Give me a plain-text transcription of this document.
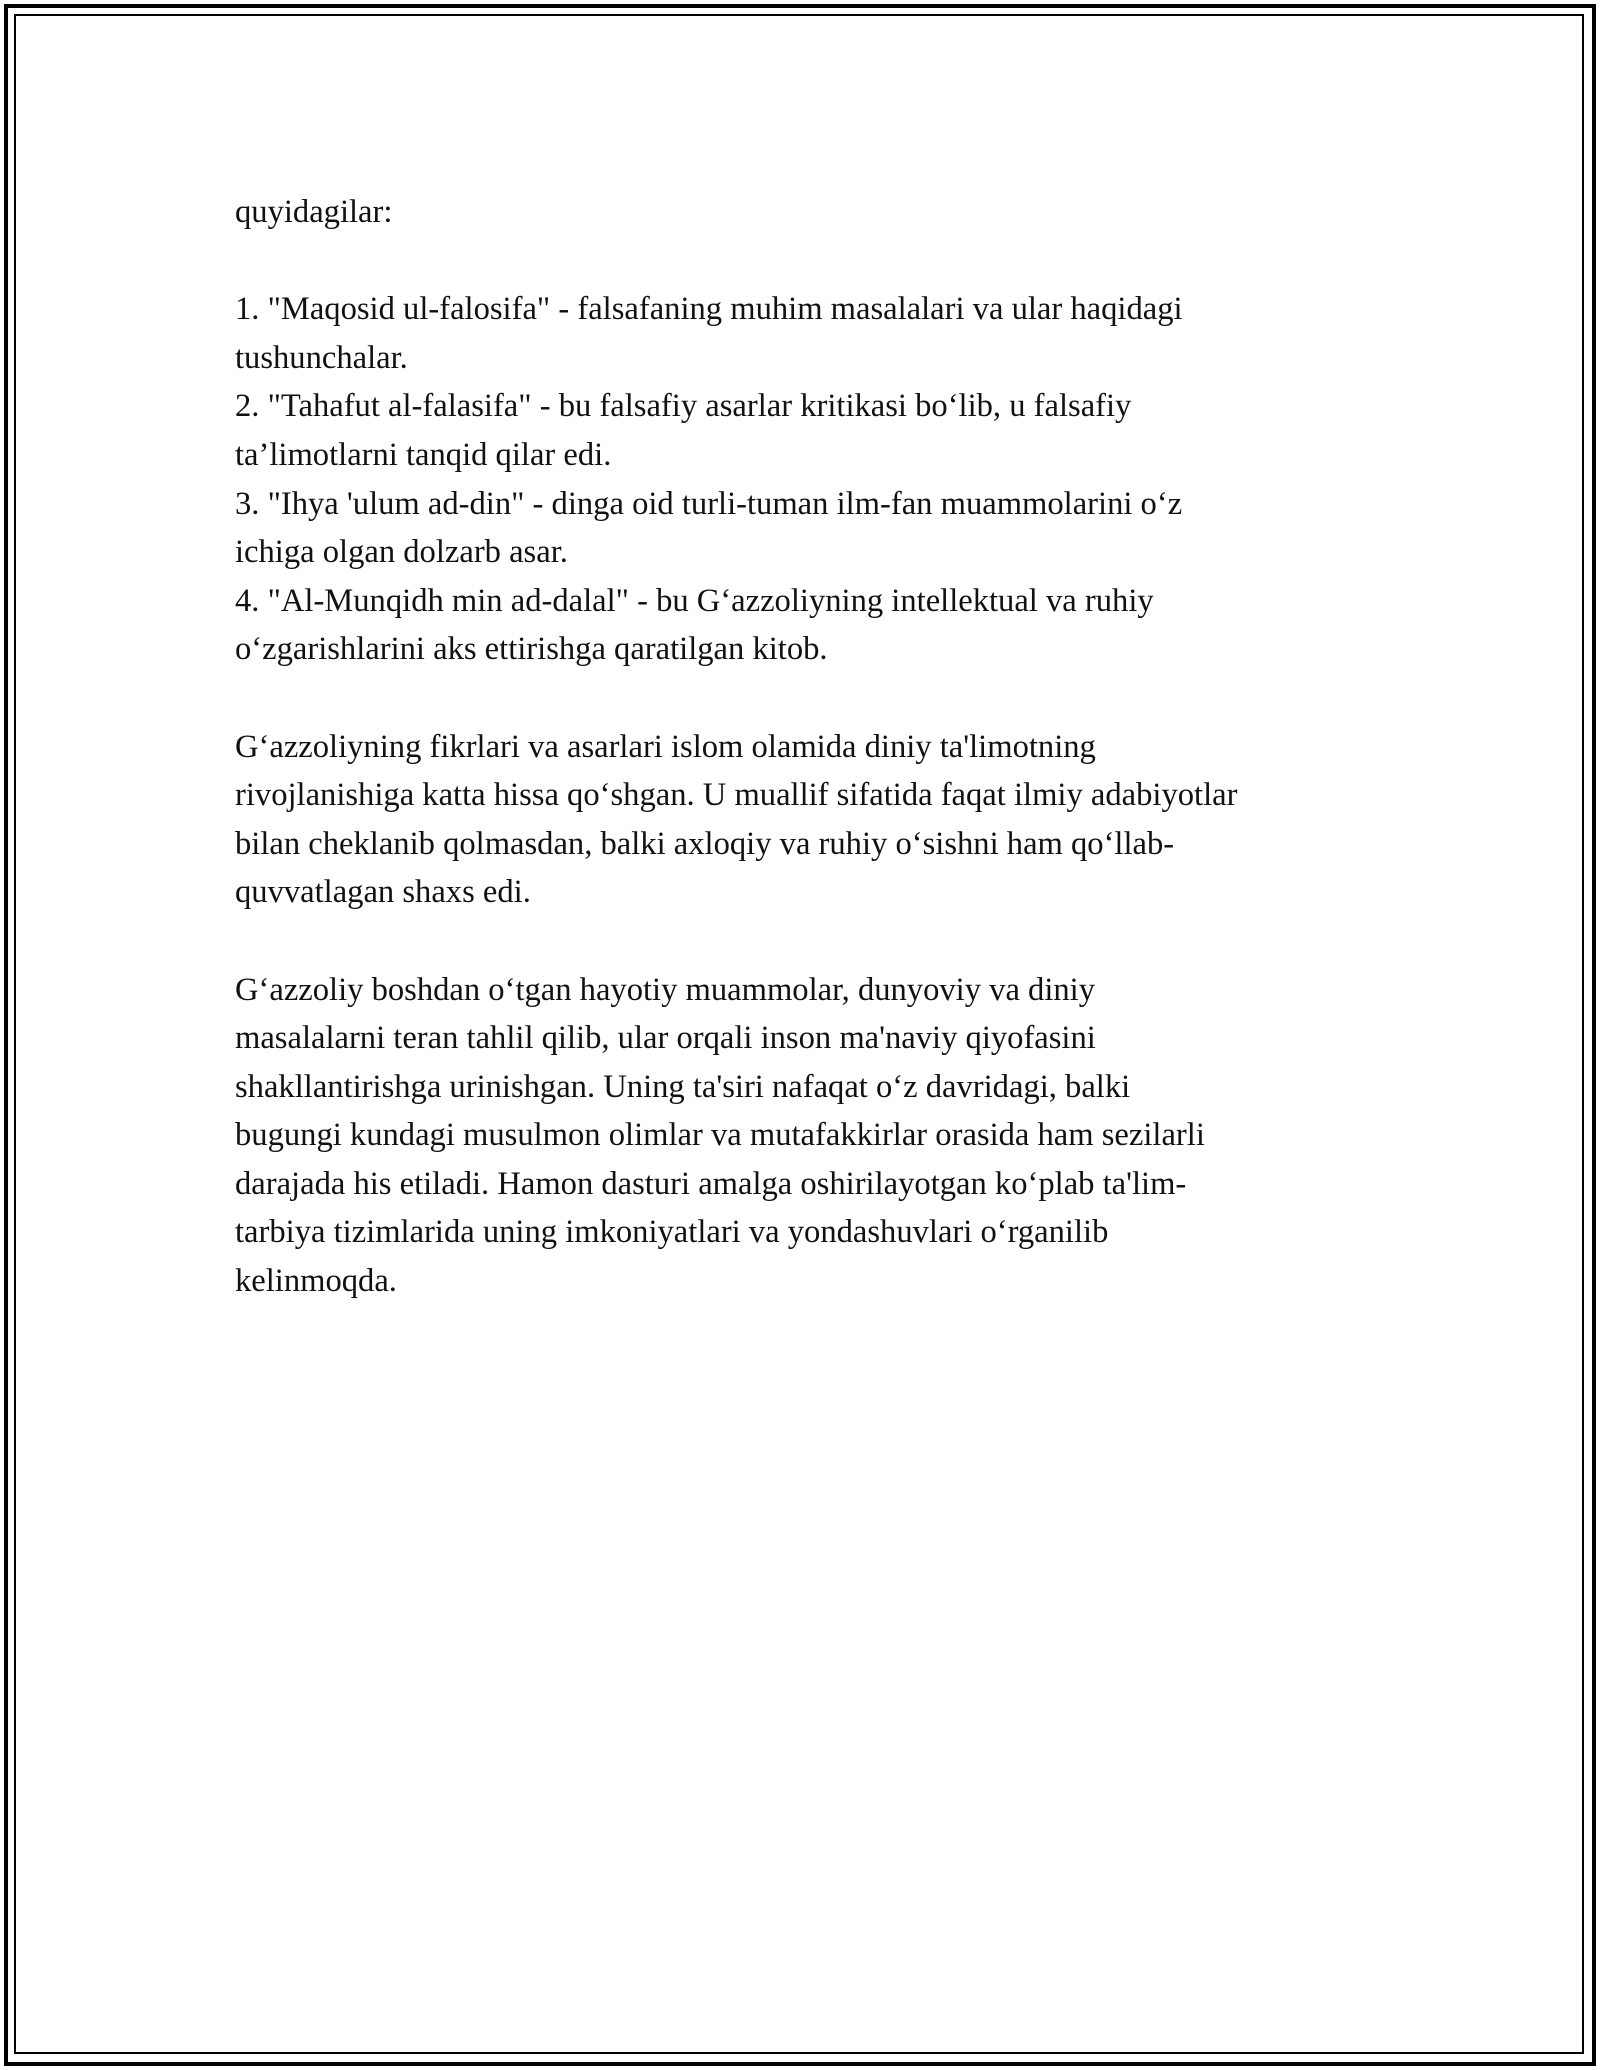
quyidagilar:

1. "Maqosid ul-falosifa" - falsafaning muhim masalalari va ular haqidagi

tushunchalar.

2. "Tahafut al-falasifa" - bu falsafiy asarlar kritikasi bo‘lib, u falsafiy

ta’limotlarni tanqid qilar edi.

3. "Ihya 'ulum ad-din" - dinga oid turli-tuman ilm-fan muammolarini o‘z

ichiga olgan dolzarb asar.

4. "Al-Munqidh min ad-dalal" - bu G‘azzoliyning intellektual va ruhiy

o‘zgarishlarini aks ettirishga qaratilgan kitob.

G‘azzoliyning fikrlari va asarlari islom olamida diniy ta'limotning

rivojlanishiga katta hissa qo‘shgan. U muallif sifatida faqat ilmiy adabiyotlar

bilan cheklanib qolmasdan, balki axloqiy va ruhiy o‘sishni ham qo‘llab-

quvvatlagan shaxs edi.

G‘azzoliy boshdan o‘tgan hayotiy muammolar, dunyoviy va diniy

masalalarni teran tahlil qilib, ular orqali inson ma'naviy qiyofasini

shakllantirishga urinishgan. Uning ta'siri nafaqat o‘z davridagi, balki

bugungi kundagi musulmon olimlar va mutafakkirlar orasida ham sezilarli

darajada his etiladi. Hamon dasturi amalga oshirilayotgan ko‘plab ta'lim-

tarbiya tizimlarida uning imkoniyatlari va yondashuvlari o‘rganilib

kelinmoqda.
